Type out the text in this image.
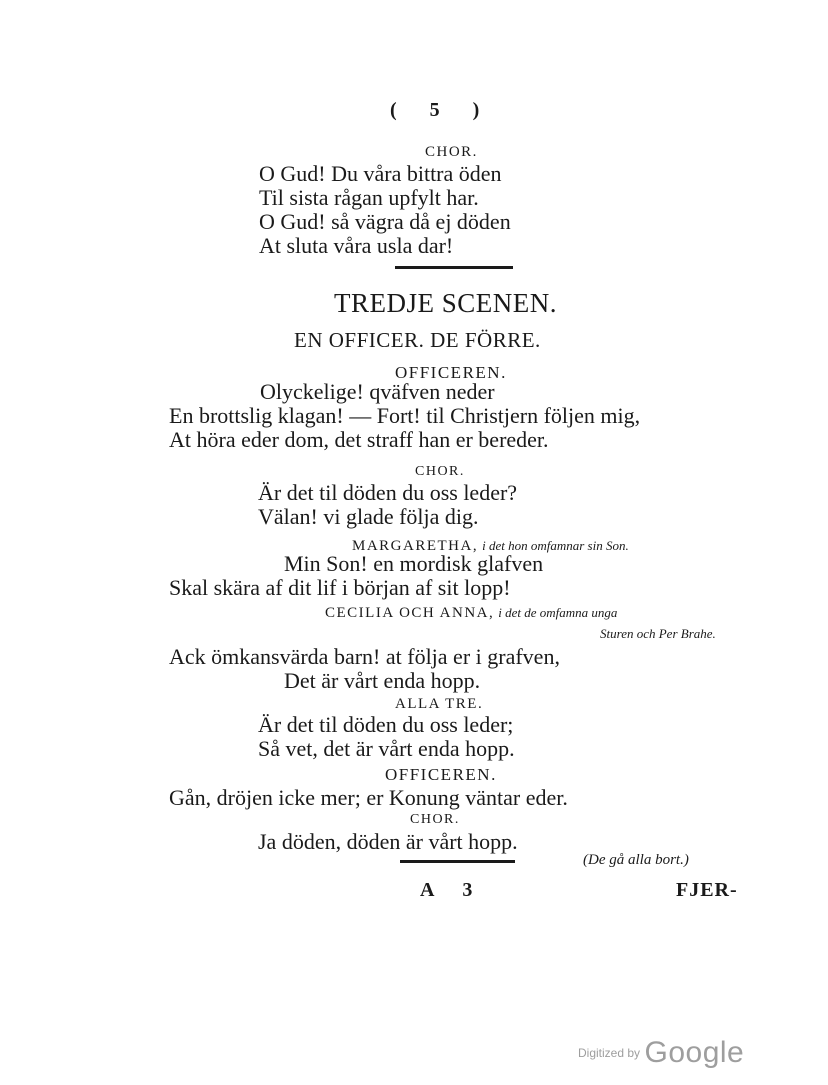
( 5 )
CHOR.
O Gud! Du våra bittra öden
Til sista rågan upfylt har.
O Gud! så vägra då ej döden
At sluta våra usla dar!
TREDJE SCENEN.
EN OFFICER. DE FÖRRE.
OFFICEREN.
Olyckelige! qväfven neder
En brottslig klagan! — Fort! til Christjern följen mig,
At höra eder dom, det straff han er bereder.
CHOR.
Är det til döden du oss leder?
Välan! vi glade följa dig.
MARGARETHA, i det hon omfamnar sin Son.
Min Son! en mordisk glafven
Skal skära af dit lif i början af sit lopp!
CECILIA OCH ANNA, i det de omfamna unga
Sturen och Per Brahe.
Ack ömkansvärda barn! at följa er i grafven,
Det är vårt enda hopp.
ALLA TRE.
Är det til döden du oss leder;
Så vet, det är vårt enda hopp.
OFFICEREN.
Gån, dröjen icke mer; er Konung väntar eder.
CHOR.
Ja döden, döden är vårt hopp.
(De gå alla bort.)
A 3	FJER-
Digitized by Google
